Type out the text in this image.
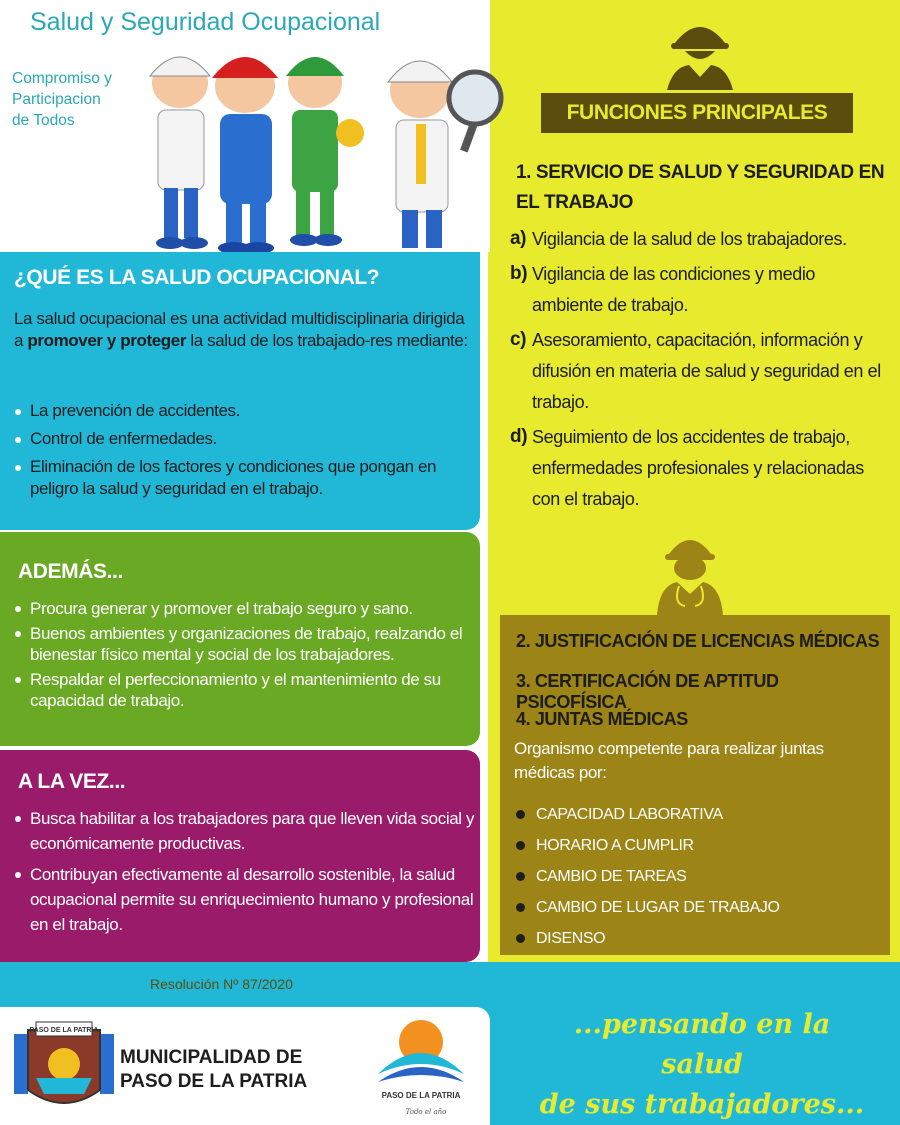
Salud y Seguridad Ocupacional
Compromiso y
Participacion
de Todos	FUNCIONES PRINCIPALES
1. SERVICIO DE SALUD Y SEGURIDAD EN EL TRABAJO
a) Vigilancia de la salud de los trabajadores.
b) Vigilancia de las condiciones y medio ambiente de trabajo.
c) Asesoramiento, capacitación, información y difusión en materia de salud y seguridad en el trabajo.
d) Seguimiento de los accidentes de trabajo, enfermedades profesionales y relacionadas con el trabajo.
2. JUSTIFICACIÓN DE LICENCIAS MÉDICAS
3. CERTIFICACIÓN DE APTITUD PSICOFÍSICA
4. JUNTAS MÉDICAS
Organismo competente para realizar juntas médicas por:
CAPACIDAD LABORATIVA
HORARIO A CUMPLIR
CAMBIO DE TAREAS
CAMBIO DE LUGAR DE TRABAJO
DISENSO
¿QUÉ ES LA SALUD OCUPACIONAL?
La salud ocupacional es una actividad multidisciplinaria dirigida a promover y proteger la salud de los trabajado-res mediante:
La prevención de accidentes.
Control de enfermedades.
Eliminación de los factores y condiciones que pongan en peligro la salud y seguridad en el trabajo.
ADEMÁS...
Procura generar y promover el trabajo seguro y sano.
Buenos ambientes y organizaciones de trabajo, realzando el bienestar físico mental y social de los trabajadores.
Respaldar el perfeccionamiento y el mantenimiento de su capacidad de trabajo.
A LA VEZ...
Busca habilitar a los trabajadores para que lleven vida social y económicamente productivas.
Contribuyan efectivamente al desarrollo sostenible, la salud ocupacional permite su enriquecimiento humano y profesional en el trabajo.
Resolución Nº 87/2020
PASO DE LA PATRIA
MUNICIPALIDAD DE
PASO DE LA PATRIA
PASO DE LA PATRIA
Todo el año
...pensando en la salud
de sus trabajadores...
